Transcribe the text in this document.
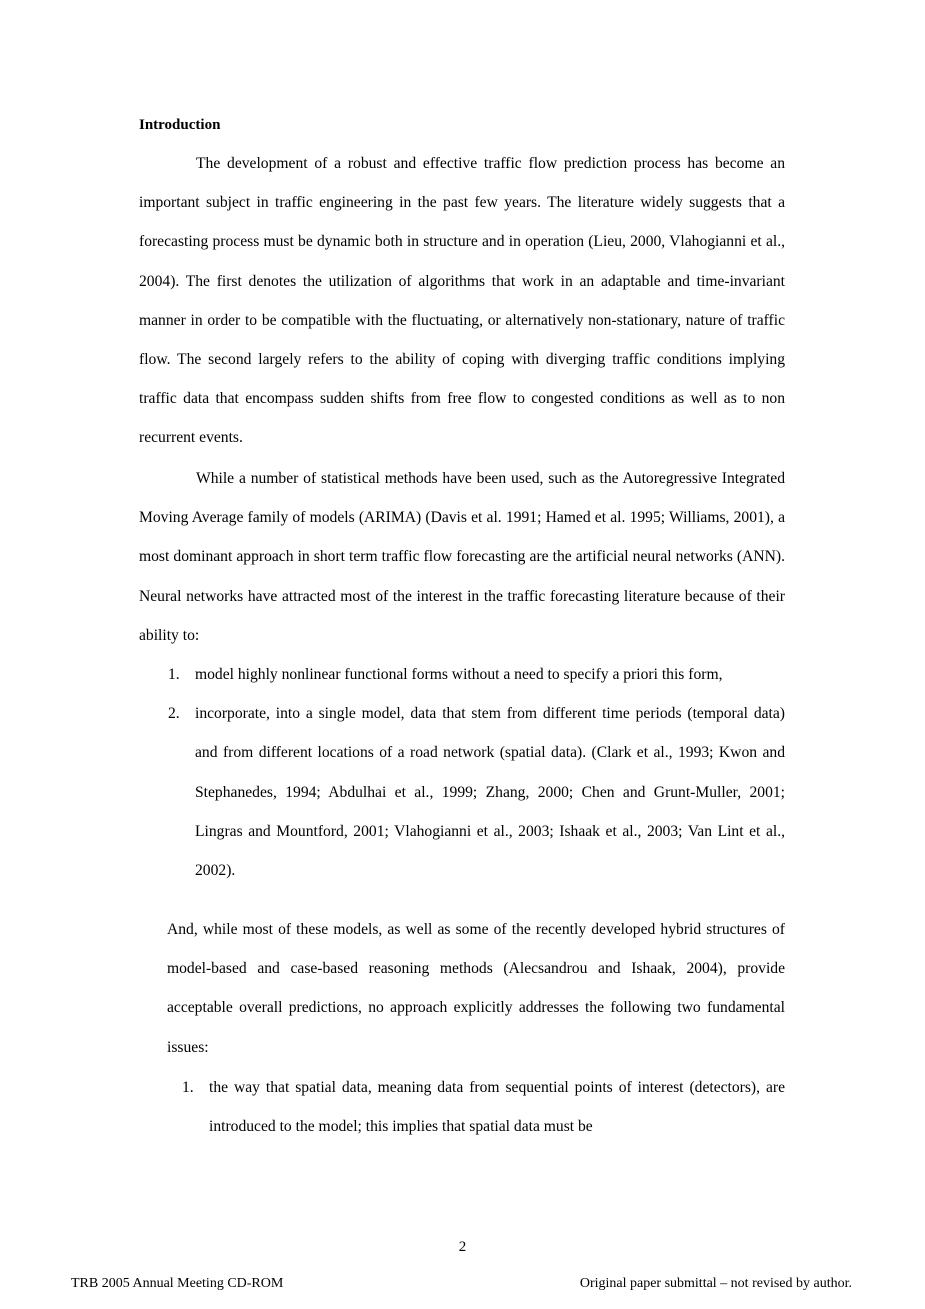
Introduction

The development of a robust and effective traffic flow prediction process has become an important subject in traffic engineering in the past few years. The literature widely suggests that a forecasting process must be dynamic both in structure and in operation (Lieu, 2000, Vlahogianni et al., 2004). The first denotes the utilization of algorithms that work in an adaptable and time-invariant manner in order to be compatible with the fluctuating, or alternatively non-stationary, nature of traffic flow. The second largely refers to the ability of coping with diverging traffic conditions implying traffic data that encompass sudden shifts from free flow to congested conditions as well as to non recurrent events.

While a number of statistical methods have been used, such as the Autoregressive Integrated Moving Average family of models (ARIMA) (Davis et al. 1991; Hamed et al. 1995; Williams, 2001), a most dominant approach in short term traffic flow forecasting are the artificial neural networks (ANN). Neural networks have attracted most of the interest in the traffic forecasting literature because of their ability to:

1. model highly nonlinear functional forms without a need to specify a priori this form,
2. incorporate, into a single model, data that stem from different time periods (temporal data) and from different locations of a road network (spatial data). (Clark et al., 1993; Kwon and Stephanedes, 1994; Abdulhai et al., 1999; Zhang, 2000; Chen and Grunt-Muller, 2001; Lingras and Mountford, 2001; Vlahogianni et al., 2003; Ishaak et al., 2003; Van Lint et al., 2002).

And, while most of these models, as well as some of the recently developed hybrid structures of model-based and case-based reasoning methods (Alecsandrou and Ishaak, 2004), provide acceptable overall predictions, no approach explicitly addresses the following two fundamental issues:

1. the way that spatial data, meaning data from sequential points of interest (detectors), are introduced to the model; this implies that spatial data must be
2
TRB 2005 Annual Meeting CD-ROM	Original paper submittal – not revised by author.
